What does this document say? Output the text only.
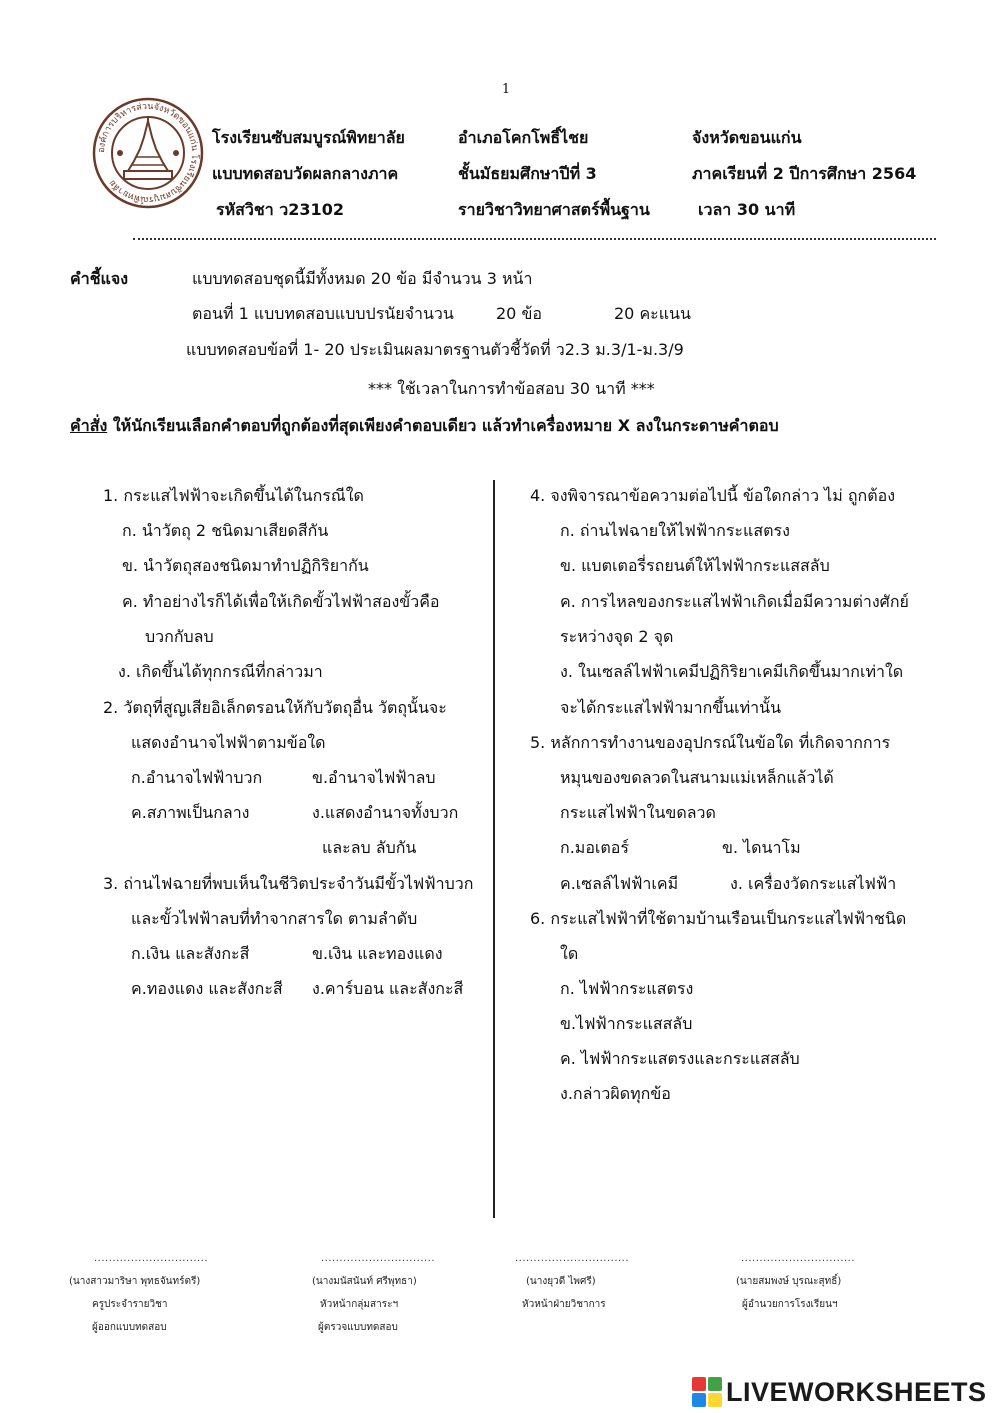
1
องค์การบริหารส่วนจังหวัดขอนแก่น โรงเรียนซับสมบูรณ์พิทยาลัย
โรงเรียนซับสมบูรณ์พิทยาลัย	อำเภอโคกโพธิ์ไชย	จังหวัดขอนแก่น
แบบทดสอบวัดผลกลางภาค	ชั้นมัธยมศึกษาปีที่ 3	ภาคเรียนที่ 2 ปีการศึกษา 2564
รหัสวิชา ว23102	รายวิชาวิทยาศาสตร์พื้นฐาน	เวลา 30 นาที
คำชี้แจง	แบบทดสอบชุดนี้มีทั้งหมด 20 ข้อ มีจำนวน 3 หน้า
ตอนที่ 1 แบบทดสอบแบบปรนัยจำนวน	20 ข้อ	20 คะแนน
แบบทดสอบข้อที่ 1- 20 ประเมินผลมาตรฐานตัวชี้วัดที่ ว2.3 ม.3/1-ม.3/9
*** ใช้เวลาในการทำข้อสอบ 30 นาที ***
คำสั่ง ให้นักเรียนเลือกคำตอบที่ถูกต้องที่สุดเพียงคำตอบเดียว แล้วทำเครื่องหมาย X ลงในกระดาษคำตอบ
1. กระแสไฟฟ้าจะเกิดขึ้นได้ในกรณีใด
ก. นำวัตถุ 2 ชนิดมาเสียดสีกัน
ข. นำวัตถุสองชนิดมาทำปฏิกิริยากัน
ค. ทำอย่างไรก็ได้เพื่อให้เกิดขั้วไฟฟ้าสองขั้วคือ
บวกกับลบ
ง. เกิดขึ้นได้ทุกกรณีที่กล่าวมา
2. วัตถุที่สูญเสียอิเล็กตรอนให้กับวัตถุอื่น วัตถุนั้นจะ
แสดงอำนาจไฟฟ้าตามข้อใด
ก.อำนาจไฟฟ้าบวก	ข.อำนาจไฟฟ้าลบ
ค.สภาพเป็นกลาง	ง.แสดงอำนาจทั้งบวก
และลบ ลับกัน
3. ถ่านไฟฉายที่พบเห็นในชีวิตประจำวันมีขั้วไฟฟ้าบวก
และขั้วไฟฟ้าลบที่ทำจากสารใด ตามลำดับ
ก.เงิน และสังกะสี	ข.เงิน และทองแดง
ค.ทองแดง และสังกะสี ง.คาร์บอน และสังกะสี
4. จงพิจารณาข้อความต่อไปนี้ ข้อใดกล่าว ไม่ ถูกต้อง
ก. ถ่านไฟฉายให้ไฟฟ้ากระแสตรง
ข. แบตเตอรี่รถยนต์ให้ไฟฟ้ากระแสสลับ
ค. การไหลของกระแสไฟฟ้าเกิดเมื่อมีความต่างศักย์
ระหว่างจุด 2 จุด
ง. ในเซลล์ไฟฟ้าเคมีปฏิกิริยาเคมีเกิดขึ้นมากเท่าใด
จะได้กระแสไฟฟ้ามากขึ้นเท่านั้น
5. หลักการทำงานของอุปกรณ์ในข้อใด ที่เกิดจากการ
หมุนของขดลวดในสนามแม่เหล็กแล้วได้
กระแสไฟฟ้าในขดลวด
ก.มอเตอร์	ข. ไดนาโม
ค.เซลล์ไฟฟ้าเคมี	ง. เครื่องวัดกระแสไฟฟ้า
6. กระแสไฟฟ้าที่ใช้ตามบ้านเรือนเป็นกระแสไฟฟ้าชนิด
ใด
ก. ไฟฟ้ากระแสตรง
ข.ไฟฟ้ากระแสสลับ
ค. ไฟฟ้ากระแสตรงและกระแสสลับ
ง.กล่าวผิดทุกข้อ
...............................
(นางสาวมาริษา พุทธจันทร์ตรี)
ครูประจำรายวิชา
ผู้ออกแบบทดสอบ
...............................
(นางมนัสนันท์ ศรีพุทธา)
หัวหน้ากลุ่มสาระฯ
ผู้ตรวจแบบทดสอบ
...............................
(นางยุวดี ไพศรี)
หัวหน้าฝ่ายวิชาการ
...............................
(นายสมพงษ์ บุรณะสุทธิ์)
ผู้อำนวยการโรงเรียนฯ
LIVEWORKSHEETS
